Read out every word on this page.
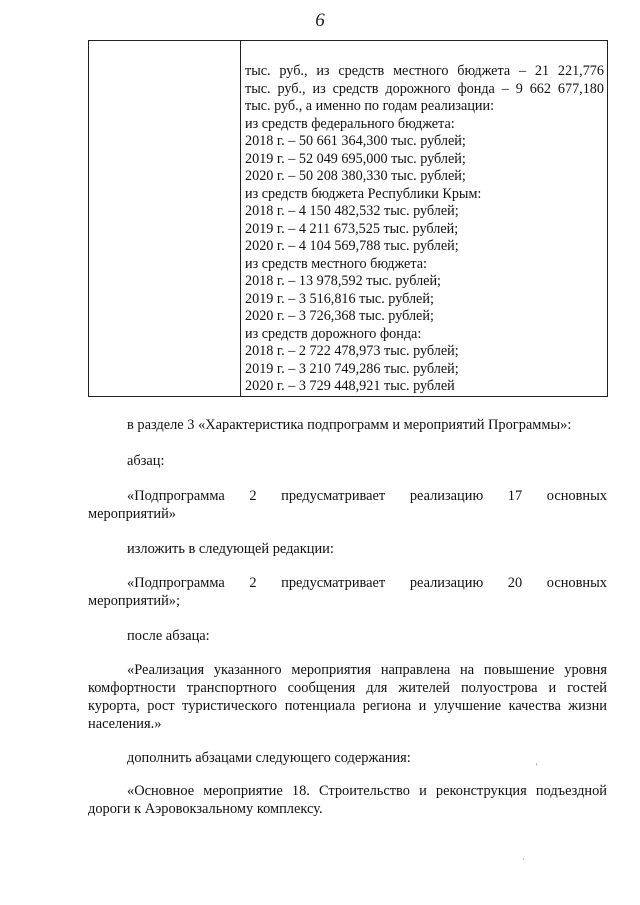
6
тыс. руб., из средств местного бюджета – 21 221,776
тыс. руб., из средств дорожного фонда – 9 662 677,180
тыс. руб., а именно по годам реализации:
из средств федерального бюджета:
2018 г. – 50 661 364,300 тыс. рублей;
2019 г. – 52 049 695,000 тыс. рублей;
2020 г. – 50 208 380,330 тыс. рублей;
из средств бюджета Республики Крым:
2018 г. – 4 150 482,532 тыс. рублей;
2019 г. – 4 211 673,525 тыс. рублей;
2020 г. – 4 104 569,788 тыс. рублей;
из средств местного бюджета:
2018 г. – 13 978,592 тыс. рублей;
2019 г. – 3 516,816 тыс. рублей;
2020 г. – 3 726,368 тыс. рублей;
из средств дорожного фонда:
2018 г. – 2 722 478,973 тыс. рублей;
2019 г. – 3 210 749,286 тыс. рублей;
2020 г. – 3 729 448,921 тыс. рублей

в разделе 3 «Характеристика подпрограмм и мероприятий Программы»:

абзац:

«Подпрограмма 2 предусматривает реализацию 17 основных

мероприятий»

изложить в следующей редакции:

«Подпрограмма 2 предусматривает реализацию 20 основных

мероприятий»;

после абзаца:

«Реализация указанного мероприятия направлена на повышение уровня

комфортности транспортного сообщения для жителей полуострова и гостей

курорта, рост туристического потенциала региона и улучшение качества жизни

населения.»

дополнить абзацами следующего содержания:

«Основное мероприятие 18. Строительство и реконструкция подъездной

дороги к Аэровокзальному комплексу.

'
·
